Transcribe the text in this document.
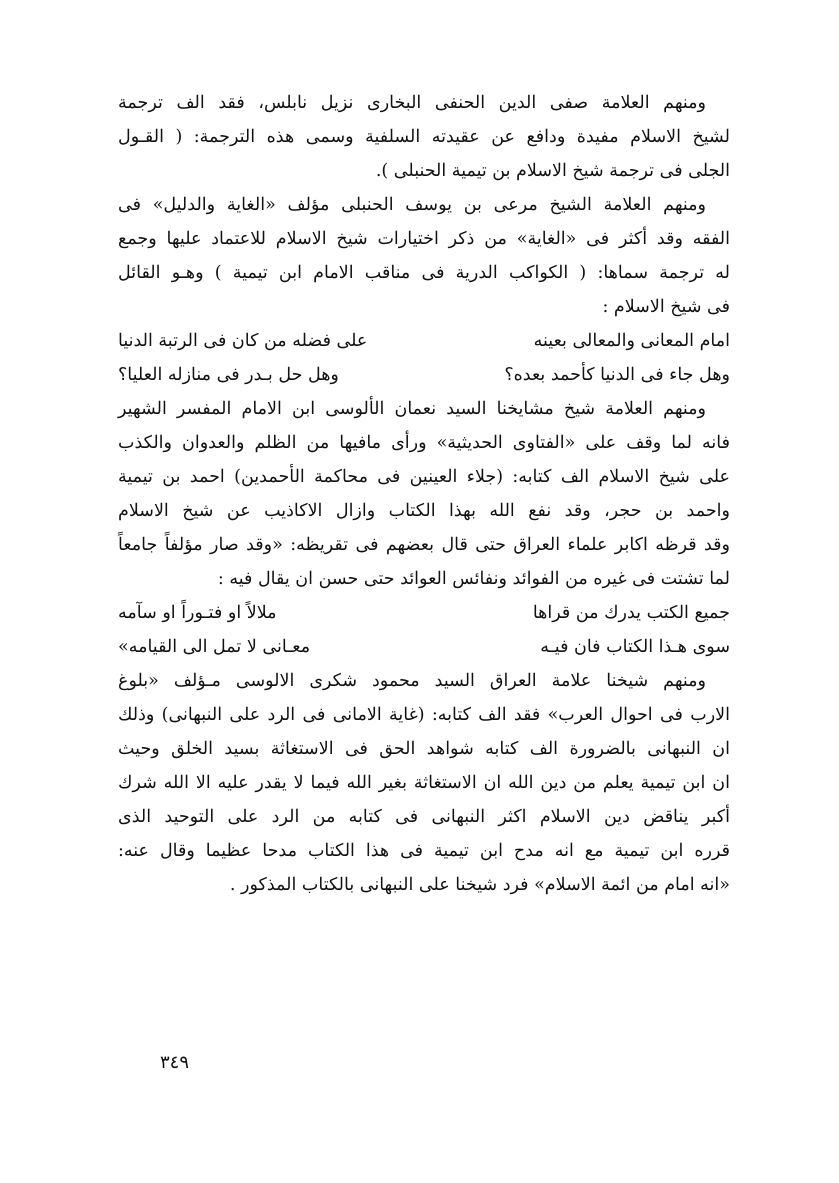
ومنهم العلامة صفى الدين الحنفى البخارى نزيل نابلس، فقد الف ترجمة
لشيخ الاسلام مفيدة ودافع عن عقيدته السلفية وسمى هذه الترجمة: ( القـول
الجلى فى ترجمة شيخ الاسلام بن تيمية الحنبلى ).
ومنهم العلامة الشيخ مرعى بن يوسف الحنبلى مؤلف «الغاية والدليل» فى
الفقه وقد أكثر فى «الغاية» من ذكر اختيارات شيخ الاسلام للاعتماد عليها وجمع
له ترجمة سماها: ( الكواكب الدرية فى مناقب الامام ابن تيمية ) وهـو القائل
فى شيخ الاسلام :
امام المعانى والمعالى بعينه
على فضله من كان فى الرتبة الدنيا
وهل جاء فى الدنيا كأحمد بعده؟
وهل حل بـدر فى منازله العليا؟
ومنهم العلامة شيخ مشايخنا السيد نعمان الألوسى ابن الامام المفسر الشهير
فانه لما وقف على «الفتاوى الحديثية» ورأى مافيها من الظلم والعدوان والكذب
على شيخ الاسلام الف كتابه: (جلاء العينين فى محاكمة الأحمدين) احمد بن تيمية
واحمد بن حجر، وقد نفع الله بهذا الكتاب وازال الاكاذيب عن شيخ الاسلام
وقد قرظه اكابر علماء العراق حتى قال بعضهم فى تقريظه: «وقد صار مؤلفاً جامعاً
لما تشتت فى غيره من الفوائد ونفائس العوائد حتى حسن ان يقال فيه :
جميع الكتب يدرك من قراها
ملالاً او فتـوراً او سآمه
سوى هـذا الكتاب فان فيـه
معـانى لا تمل الى القيامه»
ومنهم شيخنا علامة العراق السيد محمود شكرى الالوسى مـؤلف «بلوغ
الارب فى احوال العرب» فقد الف كتابه: (غاية الامانى فى الرد على النبهانى) وذلك
ان النبهانى بالضرورة الف كتابه شواهد الحق فى الاستغاثة بسيد الخلق وحيث
ان ابن تيمية يعلم من دين الله ان الاستغاثة بغير الله فيما لا يقدر عليه الا الله شرك
أكبر يناقض دين الاسلام اكثر النبهانى فى كتابه من الرد على التوحيد الذى
قرره ابن تيمية مع انه مدح ابن تيمية فى هذا الكتاب مدحا عظيما وقال عنه:
«انه امام من ائمة الاسلام» فرد شيخنا على النبهانى بالكتاب المذكور .
٣٤٩
